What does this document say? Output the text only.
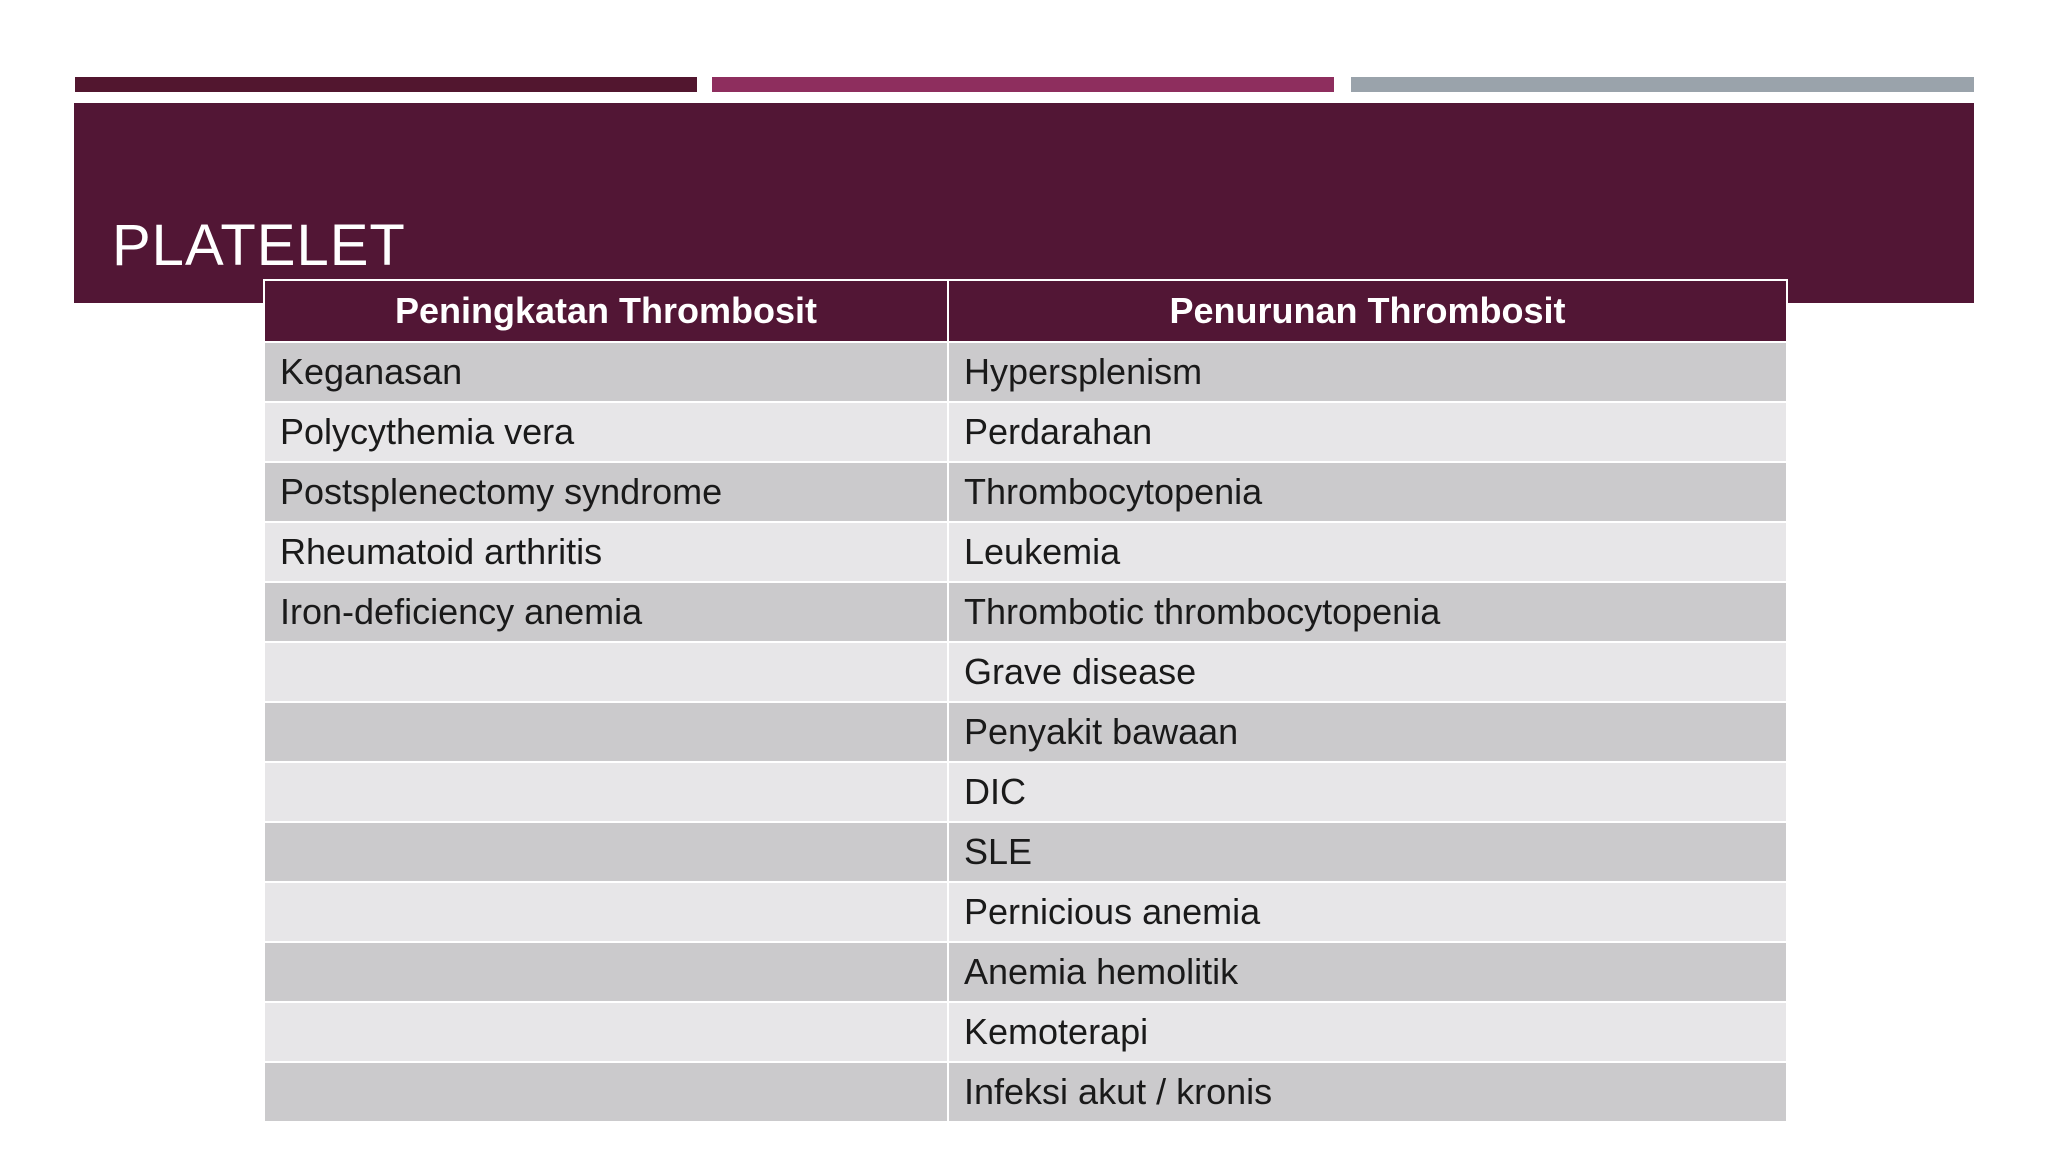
PLATELET
Peningkatan Thrombosit	Penurunan Thrombosit
Keganasan	Hypersplenism
Polycythemia vera	Perdarahan
Postsplenectomy syndrome	Thrombocytopenia
Rheumatoid arthritis	Leukemia
Iron-deficiency anemia	Thrombotic thrombocytopenia
	Grave disease
	Penyakit bawaan
	DIC
	SLE
	Pernicious anemia
	Anemia hemolitik
	Kemoterapi
	Infeksi akut / kronis
